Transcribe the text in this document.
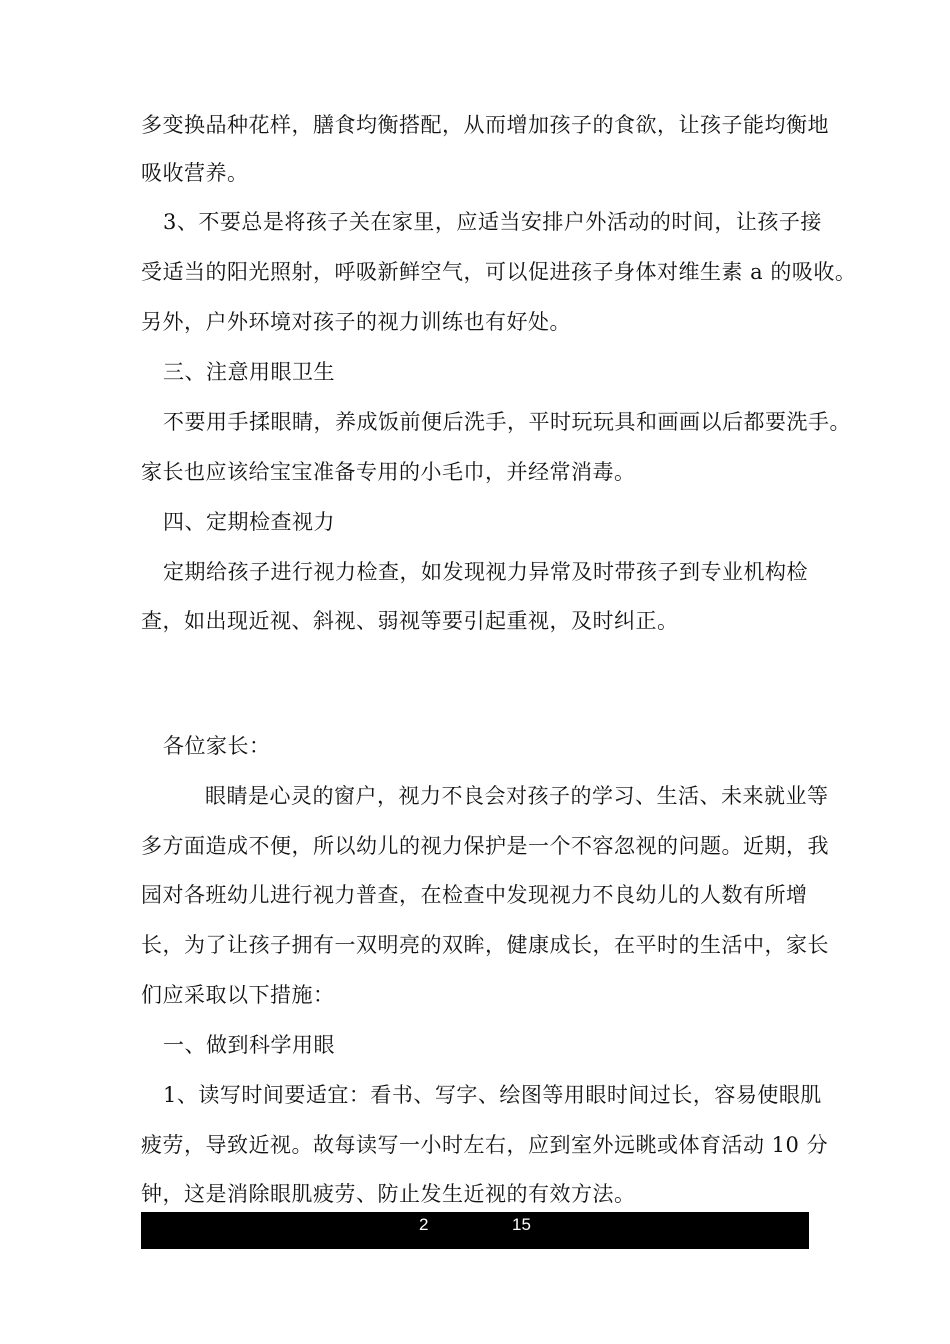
多变换品种花样，膳食均衡搭配，从而增加孩子的食欲，让孩子能均衡地
吸收营养。
3、不要总是将孩子关在家里，应适当安排户外活动的时间，让孩子接
受适当的阳光照射，呼吸新鲜空气，可以促进孩子身体对维生素 a 的吸收。
另外，户外环境对孩子的视力训练也有好处。
三、注意用眼卫生
不要用手揉眼睛，养成饭前便后洗手，平时玩玩具和画画以后都要洗手。
家长也应该给宝宝准备专用的小毛巾，并经常消毒。
四、定期检查视力
定期给孩子进行视力检查，如发现视力异常及时带孩子到专业机构检
查，如出现近视、斜视、弱视等要引起重视，及时纠正。
各位家长：
眼睛是心灵的窗户，视力不良会对孩子的学习、生活、未来就业等
多方面造成不便，所以幼儿的视力保护是一个不容忽视的问题。近期，我
园对各班幼儿进行视力普查，在检查中发现视力不良幼儿的人数有所增
长，为了让孩子拥有一双明亮的双眸，健康成长，在平时的生活中，家长
们应采取以下措施：
一、做到科学用眼
1、读写时间要适宜：看书、写字、绘图等用眼时间过长，容易使眼肌
疲劳，导致近视。故每读写一小时左右，应到室外远眺或体育活动 10 分
钟，这是消除眼肌疲劳、防止发生近视的有效方法。
2	15
